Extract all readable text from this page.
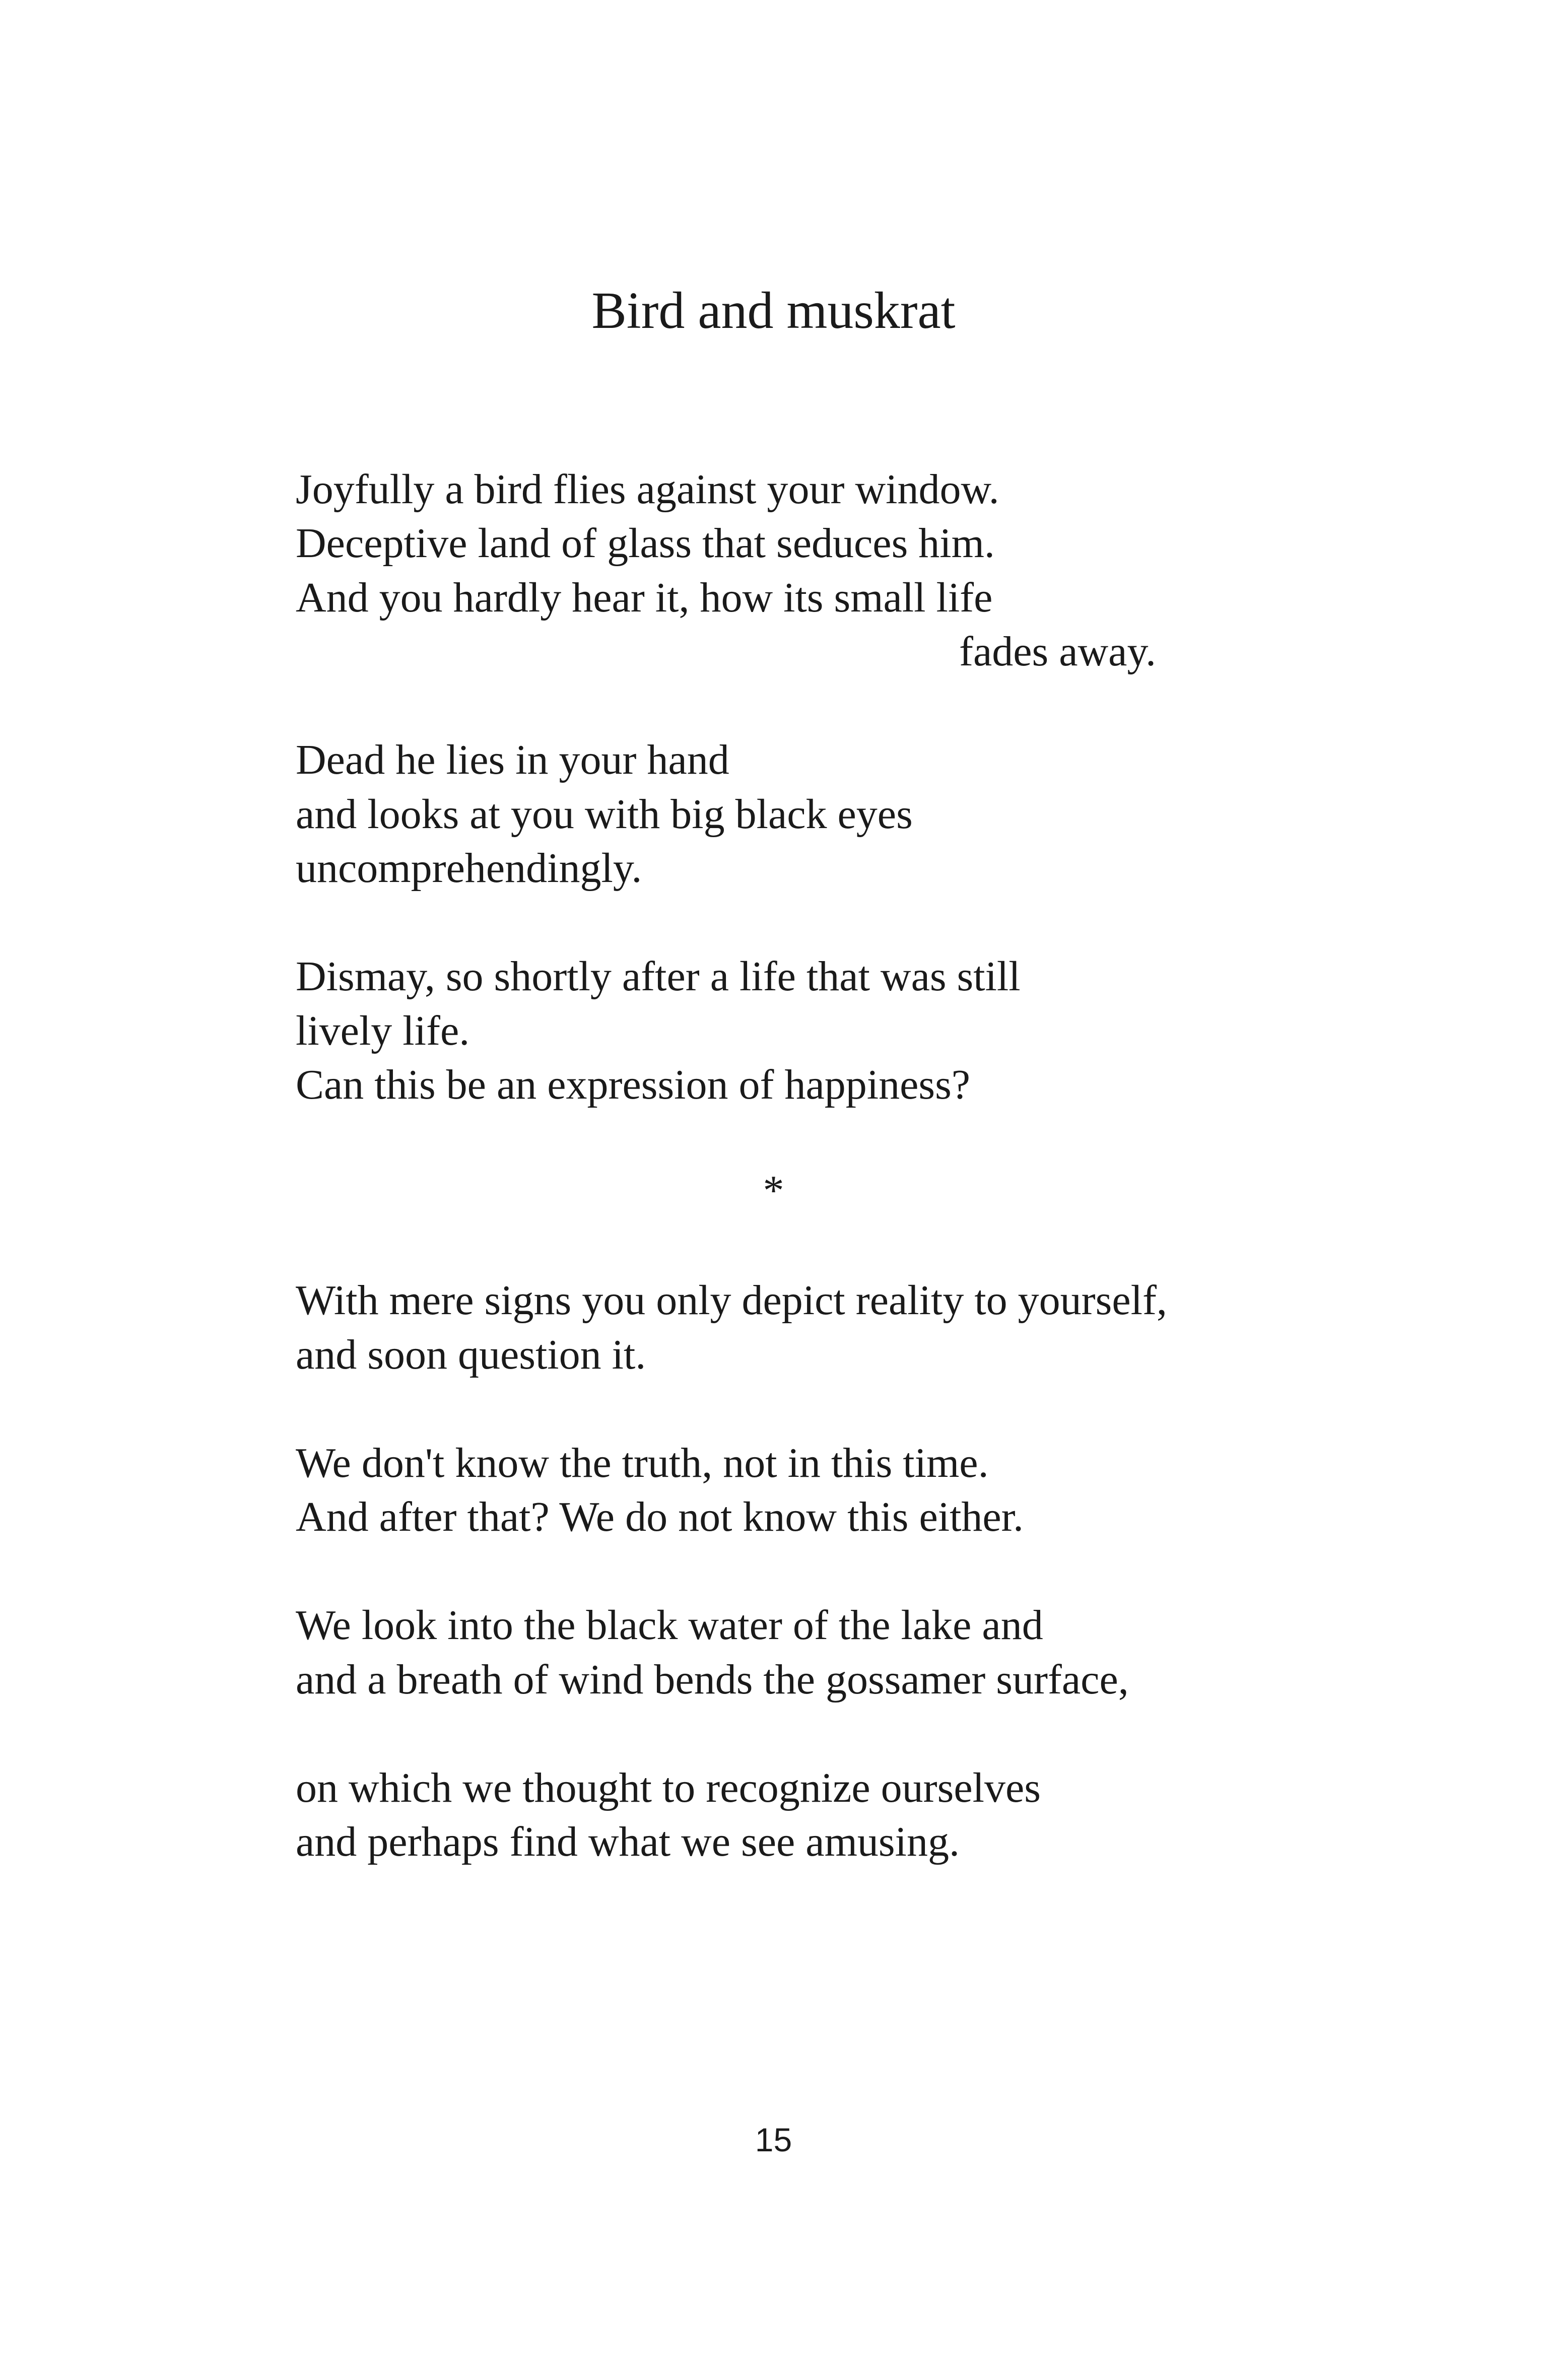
Bird and muskrat
Joyfully a bird flies against your window.
Deceptive land of glass that seduces him.
And you hardly hear it, how its small life
fades away.
Dead he lies in your hand
and looks at you with big black eyes
uncomprehendingly.
Dismay, so shortly after a life that was still
lively life.
Can this be an expression of happiness?
With mere signs you only depict reality to yourself,
and soon question it.
We don't know the truth, not in this time.
And after that? We do not know this either.
We look into the black water of the lake and
and a breath of wind bends the gossamer surface,
on which we thought to recognize ourselves
and perhaps find what we see amusing.
*
15
